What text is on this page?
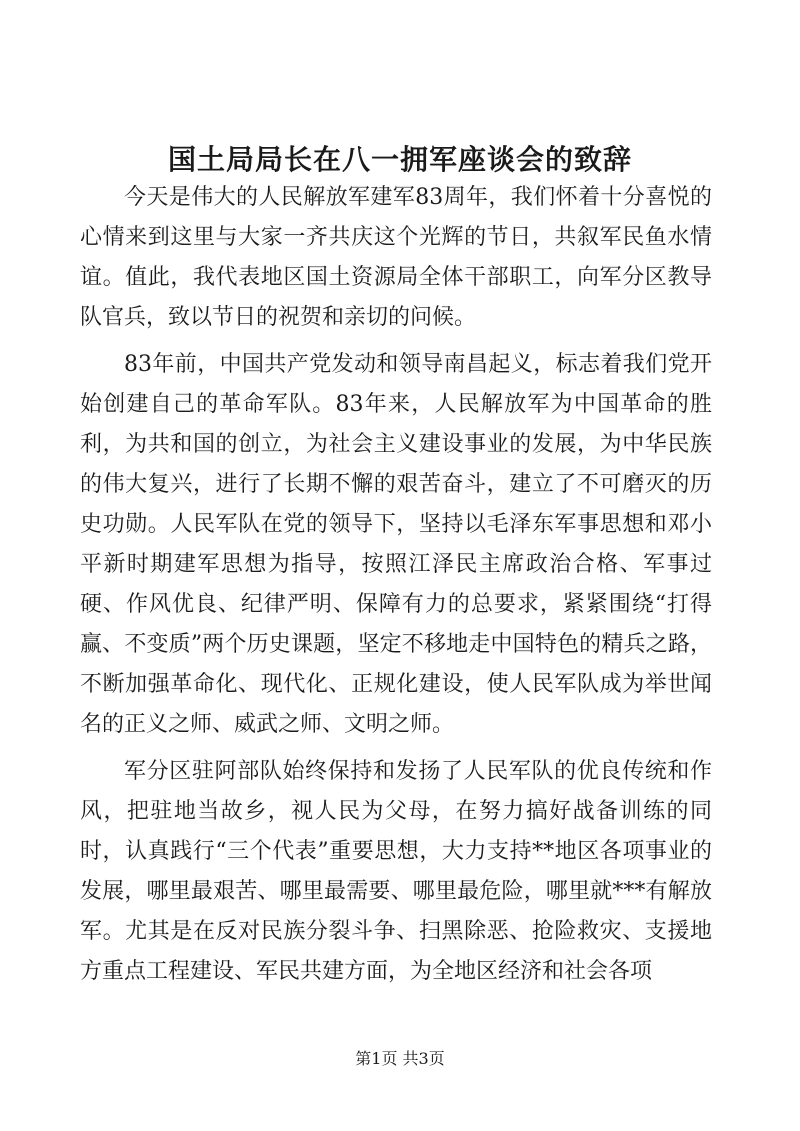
国土局局长在八一拥军座谈会的致辞

今天是伟大的人民解放军建军83周年，我们怀着十分喜悦的心情来到这里与大家一齐共庆这个光辉的节日，共叙军民鱼水情谊。值此，我代表地区国土资源局全体干部职工，向军分区教导队官兵，致以节日的祝贺和亲切的问候。

83年前，中国共产党发动和领导南昌起义，标志着我们党开始创建自己的革命军队。83年来，人民解放军为中国革命的胜利，为共和国的创立，为社会主义建设事业的发展，为中华民族的伟大复兴，进行了长期不懈的艰苦奋斗，建立了不可磨灭的历史功勋。人民军队在党的领导下，坚持以毛泽东军事思想和邓小平新时期建军思想为指导，按照江泽民主席政治合格、军事过硬、作风优良、纪律严明、保障有力的总要求，紧紧围绕“打得赢、不变质”两个历史课题，坚定不移地走中国特色的精兵之路，不断加强革命化、现代化、正规化建设，使人民军队成为举世闻名的正义之师、威武之师、文明之师。

军分区驻阿部队始终保持和发扬了人民军队的优良传统和作风，把驻地当故乡，视人民为父母，在努力搞好战备训练的同时，认真践行“三个代表”重要思想，大力支持**地区各项事业的发展，哪里最艰苦、哪里最需要、哪里最危险，哪里就***有解放军。尤其是在反对民族分裂斗争、扫黑除恶、抢险救灾、支援地方重点工程建设、军民共建方面，为全地区经济和社会各项

第1页 共3页
